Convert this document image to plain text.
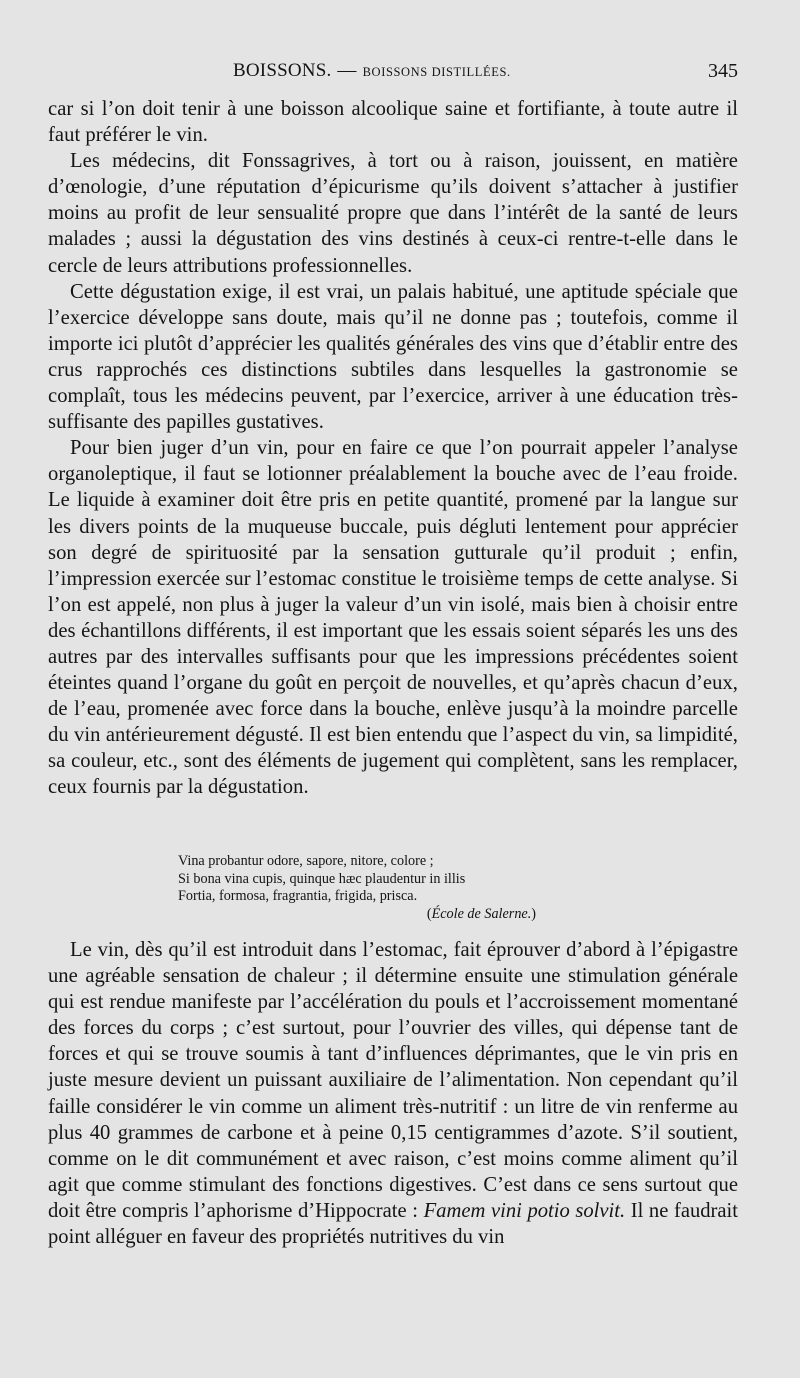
BOISSONS. — BOISSONS DISTILLÉES.	345

car si l’on doit tenir à une boisson alcoolique saine et fortifiante, à toute autre il faut préférer le vin.

Les médecins, dit Fonssagrives, à tort ou à raison, jouissent, en matière d’œnologie, d’une réputation d’épicurisme qu’ils doivent s’attacher à justifier moins au profit de leur sensualité propre que dans l’intérêt de la santé de leurs malades ; aussi la dégustation des vins destinés à ceux-ci rentre-t-elle dans le cercle de leurs attributions professionnelles.

Cette dégustation exige, il est vrai, un palais habitué, une aptitude spéciale que l’exercice développe sans doute, mais qu’il ne donne pas ; toutefois, comme il importe ici plutôt d’apprécier les qualités générales des vins que d’établir entre des crus rapprochés ces distinctions subtiles dans lesquelles la gastronomie se complaît, tous les médecins peuvent, par l’exercice, arriver à une éducation très-suffisante des papilles gustatives.

Pour bien juger d’un vin, pour en faire ce que l’on pourrait appeler l’analyse organoleptique, il faut se lotionner préalablement la bouche avec de l’eau froide. Le liquide à examiner doit être pris en petite quantité, promené par la langue sur les divers points de la muqueuse buccale, puis dégluti lentement pour apprécier son degré de spirituosité par la sensation gutturale qu’il produit ; enfin, l’impression exercée sur l’estomac constitue le troisième temps de cette analyse. Si l’on est appelé, non plus à juger la valeur d’un vin isolé, mais bien à choisir entre des échantillons différents, il est important que les essais soient séparés les uns des autres par des intervalles suffisants pour que les impressions précédentes soient éteintes quand l’organe du goût en perçoit de nouvelles, et qu’après chacun d’eux, de l’eau, promenée avec force dans la bouche, enlève jusqu’à la moindre parcelle du vin antérieurement dégusté. Il est bien entendu que l’aspect du vin, sa limpidité, sa couleur, etc., sont des éléments de jugement qui complètent, sans les remplacer, ceux fournis par la dégustation.

Vina probantur odore, sapore, nitore, colore ;
Si bona vina cupis, quinque hæc plaudentur in illis
Fortia, formosa, fragrantia, frigida, prisca.
(École de Salerne.)

Le vin, dès qu’il est introduit dans l’estomac, fait éprouver d’abord à l’épigastre une agréable sensation de chaleur ; il détermine ensuite une stimulation générale qui est rendue manifeste par l’accélération du pouls et l’accroissement momentané des forces du corps ; c’est surtout, pour l’ouvrier des villes, qui dépense tant de forces et qui se trouve soumis à tant d’influences déprimantes, que le vin pris en juste mesure devient un puissant auxiliaire de l’alimentation. Non cependant qu’il faille considérer le vin comme un aliment très-nutritif : un litre de vin renferme au plus 40 grammes de carbone et à peine 0,15 centigrammes d’azote. S’il soutient, comme on le dit communément et avec raison, c’est moins comme aliment qu’il agit que comme stimulant des fonctions digestives. C’est dans ce sens surtout que doit être compris l’aphorisme d’Hippocrate : Famem vini potio solvit. Il ne faudrait point alléguer en faveur des propriétés nutritives du vin
